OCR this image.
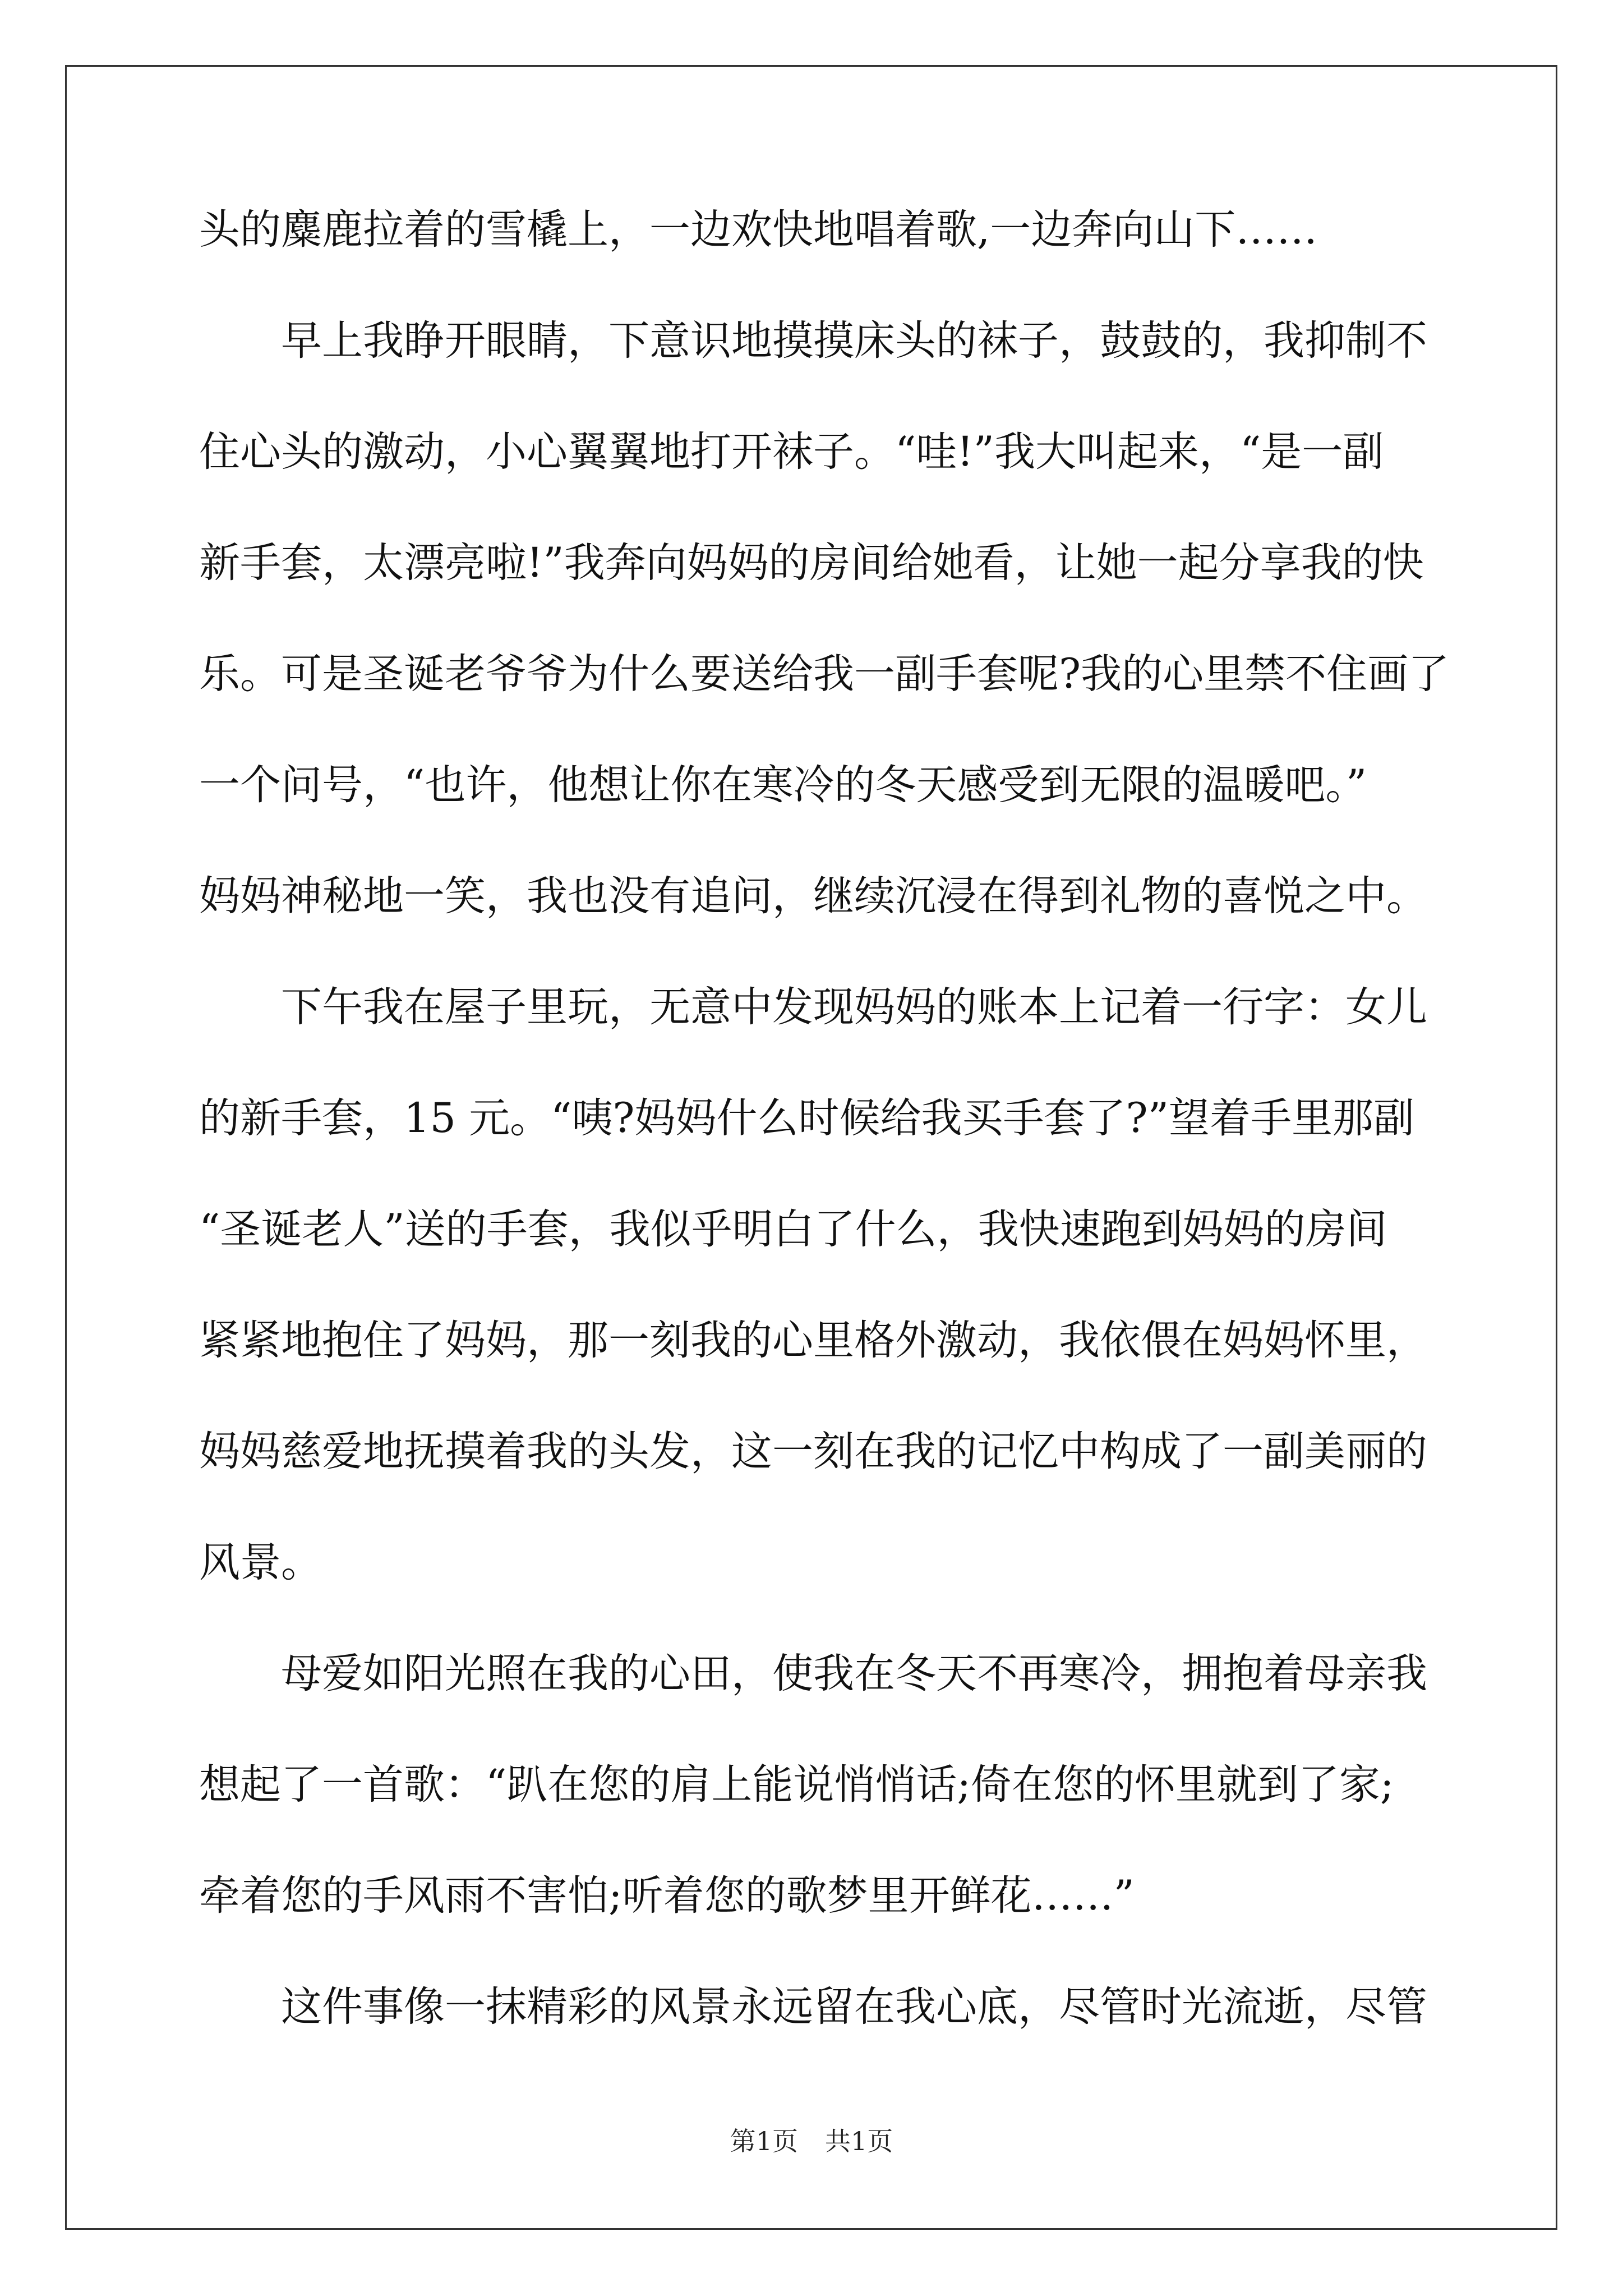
头的麋鹿拉着的雪橇上，一边欢快地唱着歌,一边奔向山下……
早上我睁开眼睛，下意识地摸摸床头的袜子，鼓鼓的，我抑制不
住心头的激动，小心翼翼地打开袜子。“哇!”我大叫起来，“是一副
新手套，太漂亮啦!”我奔向妈妈的房间给她看，让她一起分享我的快
乐。可是圣诞老爷爷为什么要送给我一副手套呢?我的心里禁不住画了
一个问号，“也许，他想让你在寒冷的冬天感受到无限的温暖吧。”
妈妈神秘地一笑，我也没有追问，继续沉浸在得到礼物的喜悦之中。
下午我在屋子里玩，无意中发现妈妈的账本上记着一行字：女儿
的新手套，15 元。“咦?妈妈什么时候给我买手套了?”望着手里那副
“圣诞老人”送的手套，我似乎明白了什么，我快速跑到妈妈的房间
紧紧地抱住了妈妈，那一刻我的心里格外激动，我依偎在妈妈怀里，
妈妈慈爱地抚摸着我的头发，这一刻在我的记忆中构成了一副美丽的
风景。
母爱如阳光照在我的心田，使我在冬天不再寒冷，拥抱着母亲我
想起了一首歌：“趴在您的肩上能说悄悄话;倚在您的怀里就到了家;
牵着您的手风雨不害怕;听着您的歌梦里开鲜花……”
这件事像一抹精彩的风景永远留在我心底，尽管时光流逝，尽管
第1页 共1页
